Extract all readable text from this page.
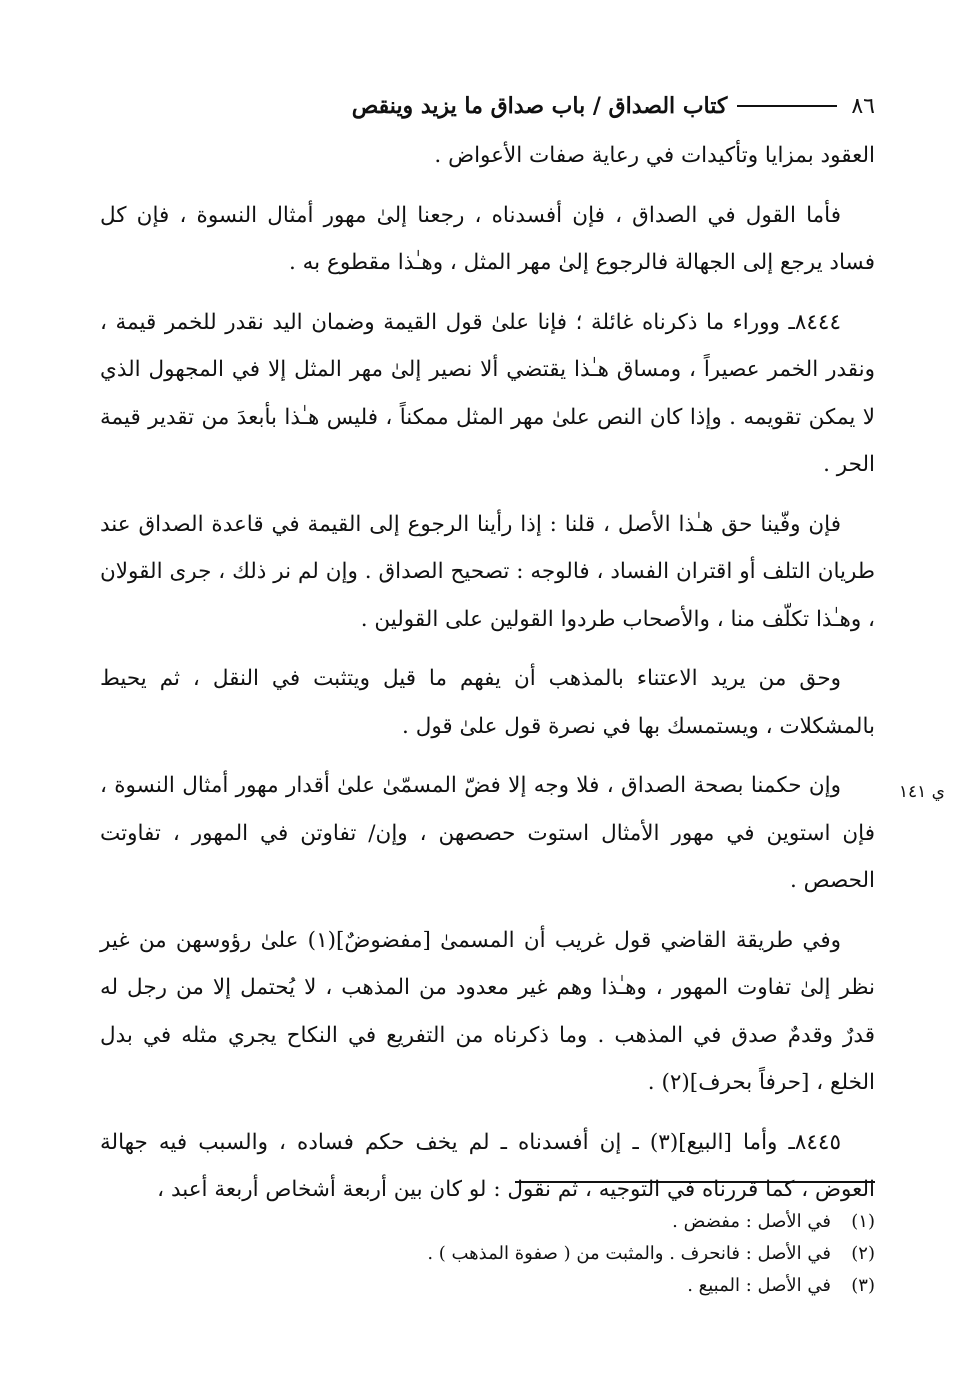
٨٦
كتاب الصداق / باب صداق ما يزيد وينقص
ي ١٤١

العقود بمزايا وتأكيدات في رعاية صفات الأعواض .

فأما القول في الصداق ، فإن أفسدناه ، رجعنا إلىٰ مهور أمثال النسوة ، فإن كل فساد يرجع إلى الجهالة فالرجوع إلىٰ مهر المثل ، وهـٰذا مقطوع به .

٨٤٤٤ـ ووراء ما ذكرناه غائلة ؛ فإنا علىٰ قول القيمة وضمان اليد نقدر للخمر قيمة ، ونقدر الخمر عصيراً ، ومساق هـٰذا يقتضي ألا نصير إلىٰ مهر المثل إلا في المجهول الذي لا يمكن تقويمه . وإذا كان النص علىٰ مهر المثل ممكناً ، فليس هـٰذا بأبعدَ من تقدير قيمة الحر .

فإن وفّينا حق هـٰذا الأصل ، قلنا : إذا رأينا الرجوع إلى القيمة في قاعدة الصداق عند طريان التلف أو اقتران الفساد ، فالوجه : تصحيح الصداق . وإن لم نر ذلك ، جرى القولان ، وهـٰذا تكلّف منا ، والأصحاب طردوا القولين على القولين .

وحق من يريد الاعتناء بالمذهب أن يفهم ما قيل ويتثبت في النقل ، ثم يحيط بالمشكلات ، ويستمسك بها في نصرة قول علىٰ قول .

وإن حكمنا بصحة الصداق ، فلا وجه إلا فضّ المسمّىٰ علىٰ أقدار مهور أمثال النسوة ، فإن استوين في مهور الأمثال استوت حصصهن ، وإن/ تفاوتن في المهور ، تفاوتت الحصص .

وفي طريقة القاضي قول غريب أن المسمىٰ [مفضوضٌ](١) علىٰ رؤوسهن من غير نظر إلىٰ تفاوت المهور ، وهـٰذا وهم غير معدود من المذهب ، لا يُحتمل إلا من رجل له قدرٌ وقدمٌ صدق في المذهب . وما ذكرناه من التفريع في النكاح يجري مثله في بدل الخلع ، [حرفاً بحرف](٢) .

٨٤٤٥ـ وأما [البيع](٣) ـ إن أفسدناه ـ لم يخف حكم فساده ، والسبب فيه جهالة العوض ، كما قررناه في التوجيه ، ثم نقول : لو كان بين أربعة أشخاص أربعة أعبد ،

(١)
في الأصل : مفضض .
(٢)
في الأصل : فانحرف . والمثبت من ( صفوة المذهب ) .
(٣)
في الأصل : المبيع .
